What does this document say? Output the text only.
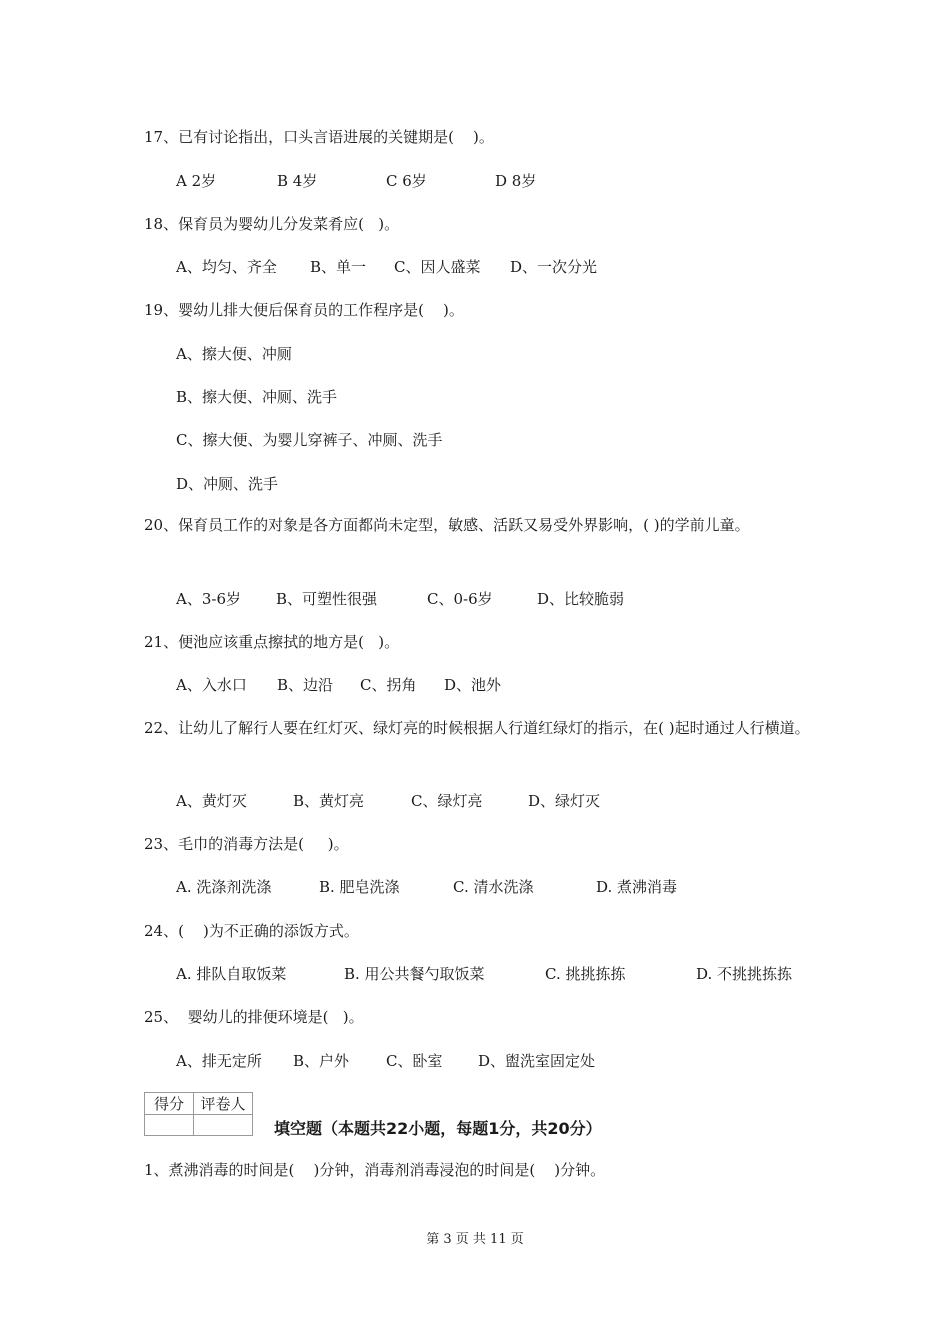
17、已有讨论指出，口头言语进展的关键期是(    )。

A 2岁

	B 4岁

	C 6岁

	D 8岁

18、保育员为婴幼儿分发菜肴应(   )。

A、均匀、齐全

B、单一

C、因人盛菜

D、一次分光

19、婴幼儿排大便后保育员的工作程序是(    )。
A、擦大便、冲厕
B、擦大便、冲厕、洗手
C、擦大便、为婴儿穿裤子、冲厕、洗手
D、冲厕、洗手
20、保育员工作的对象是各方面都尚未定型，敏感、活跃又易受外界影响，( )的学前儿童。

A、3-6岁

B、可塑性很强

	C、0-6岁

	D、比较脆弱

21、便池应该重点擦拭的地方是(   )。

A、入水口

B、边沿

C、拐角

D、池外

22、让幼儿了解行人要在红灯灭、绿灯亮的时候根据人行道红绿灯的指示，在( )起时通过人行横道。

A、黄灯灭

	B、黄灯亮

	C、绿灯亮

	D、绿灯灭

23、毛巾的消毒方法是(     )。

A. 洗涤剂洗涤

	B. 肥皂洗涤

	C. 清水洗涤

	D. 煮沸消毒

24、(    )为不正确的添饭方式。

A. 排队自取饭菜

	B. 用公共餐勺取饭菜

	C. 挑挑拣拣

	D. 不挑挑拣拣

25、  婴幼儿的排便环境是(   )。

A、排无定所

B、户外

C、卧室

D、盥洗室固定处

得分	评卷人

填空题（本题共22小题，每题1分，共20分）
1、煮沸消毒的时间是(    )分钟，消毒剂消毒浸泡的时间是(    )分钟。
第 3 页 共 11 页
